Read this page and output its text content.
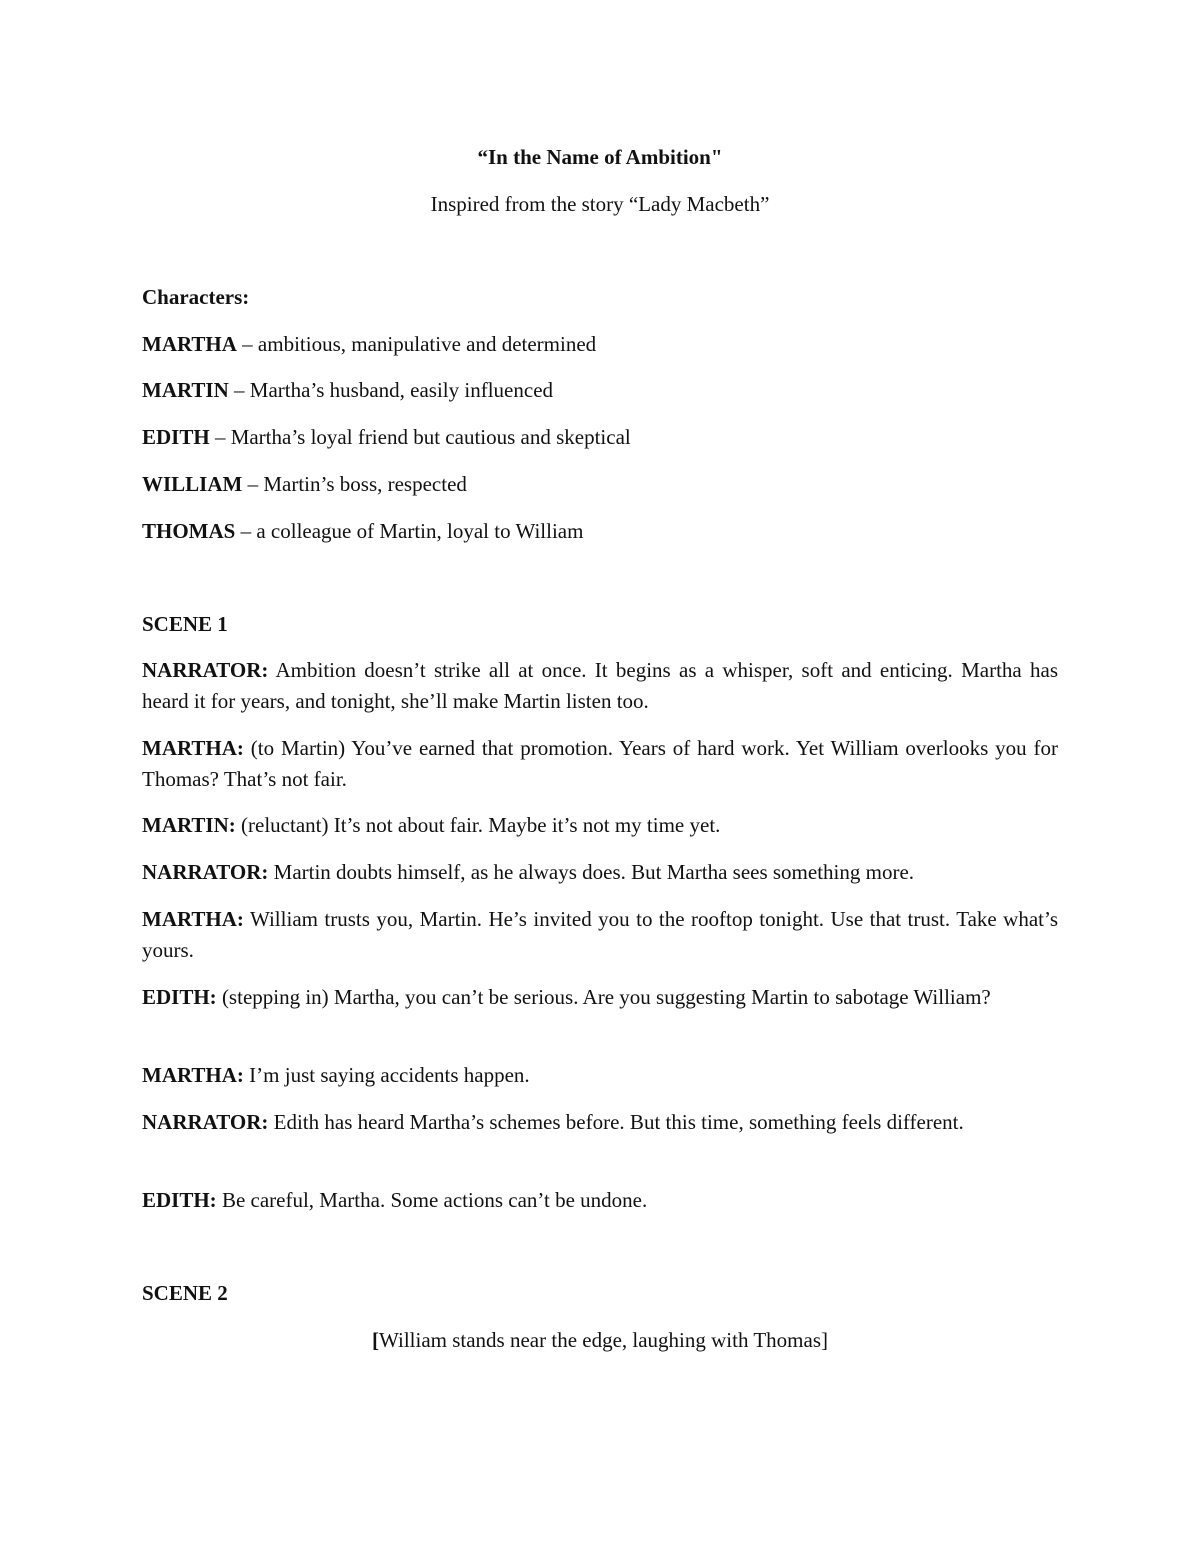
“In the Name of Ambition"
Inspired from the story “Lady Macbeth”
Characters:
MARTHA – ambitious, manipulative and determined
MARTIN – Martha’s husband, easily influenced
EDITH – Martha’s loyal friend but cautious and skeptical
WILLIAM – Martin’s boss, respected
THOMAS – a colleague of Martin, loyal to William
SCENE 1
NARRATOR: Ambition doesn’t strike all at once. It begins as a whisper, soft and enticing. Martha has heard it for years, and tonight, she’ll make Martin listen too.
MARTHA: (to Martin) You’ve earned that promotion. Years of hard work. Yet William overlooks you for Thomas? That’s not fair.
MARTIN: (reluctant) It’s not about fair. Maybe it’s not my time yet.
NARRATOR: Martin doubts himself, as he always does. But Martha sees something more.
MARTHA: William trusts you, Martin. He’s invited you to the rooftop tonight. Use that trust. Take what’s yours.
EDITH: (stepping in) Martha, you can’t be serious. Are you suggesting Martin to sabotage William?
MARTHA: I’m just saying accidents happen.
NARRATOR: Edith has heard Martha’s schemes before. But this time, something feels different.
EDITH: Be careful, Martha. Some actions can’t be undone.
SCENE 2
[William stands near the edge, laughing with Thomas]
